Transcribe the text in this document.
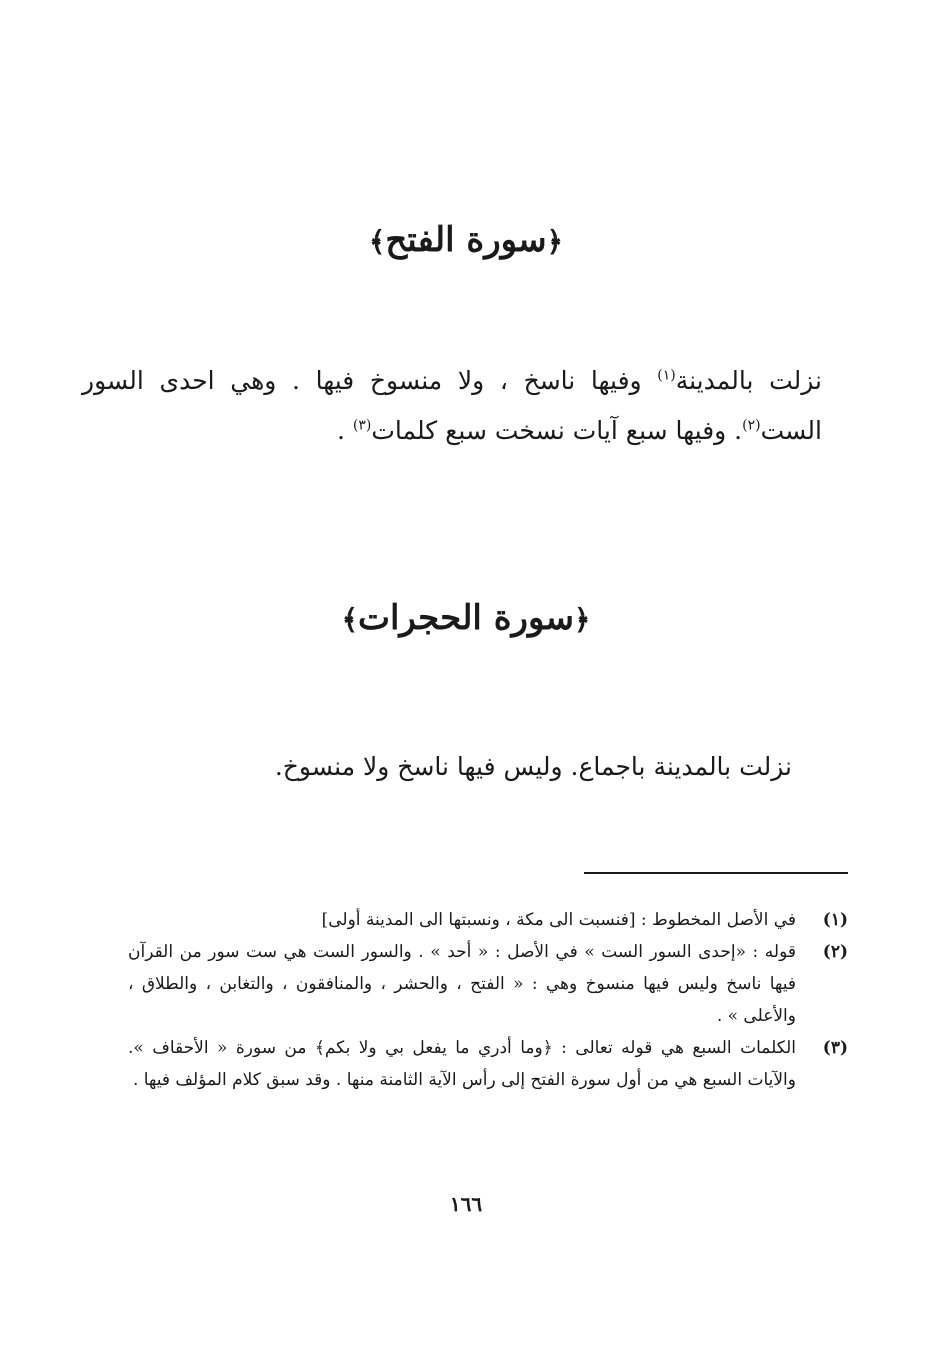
﴿سورة الفتح﴾
نزلت بالمدينة$^{(١)}$ وفيها ناسخ ، ولا منسوخ فيها . وهي احدى السور الست$^{(٢)}$. وفيها سبع آيات نسخت سبع كلمات$^{(٣)}$ .
﴿سورة الحجرات﴾
نزلت بالمدينة باجماع. وليس فيها ناسخ ولا منسوخ.
(١)
في الأصل المخطوط : [فنسبت الى مكة ، ونسبتها الى المدينة أولى]
(٢)
قوله : «إحدى السور الست » في الأصل : « أحد » . والسور الست هي ست سور من القرآن فيها ناسخ وليس فيها منسوخ وهي : « الفتح ، والحشر ، والمنافقون ، والتغابن ، والطلاق ، والأعلى » .
(٣)
الكلمات السبع هي قوله تعالى : ﴿وما أدري ما يفعل بي ولا بكم﴾ من سورة « الأحقاف ». والآيات السبع هي من أول سورة الفتح إلى رأس الآية الثامنة منها . وقد سبق كلام المؤلف فيها .
١٦٦
